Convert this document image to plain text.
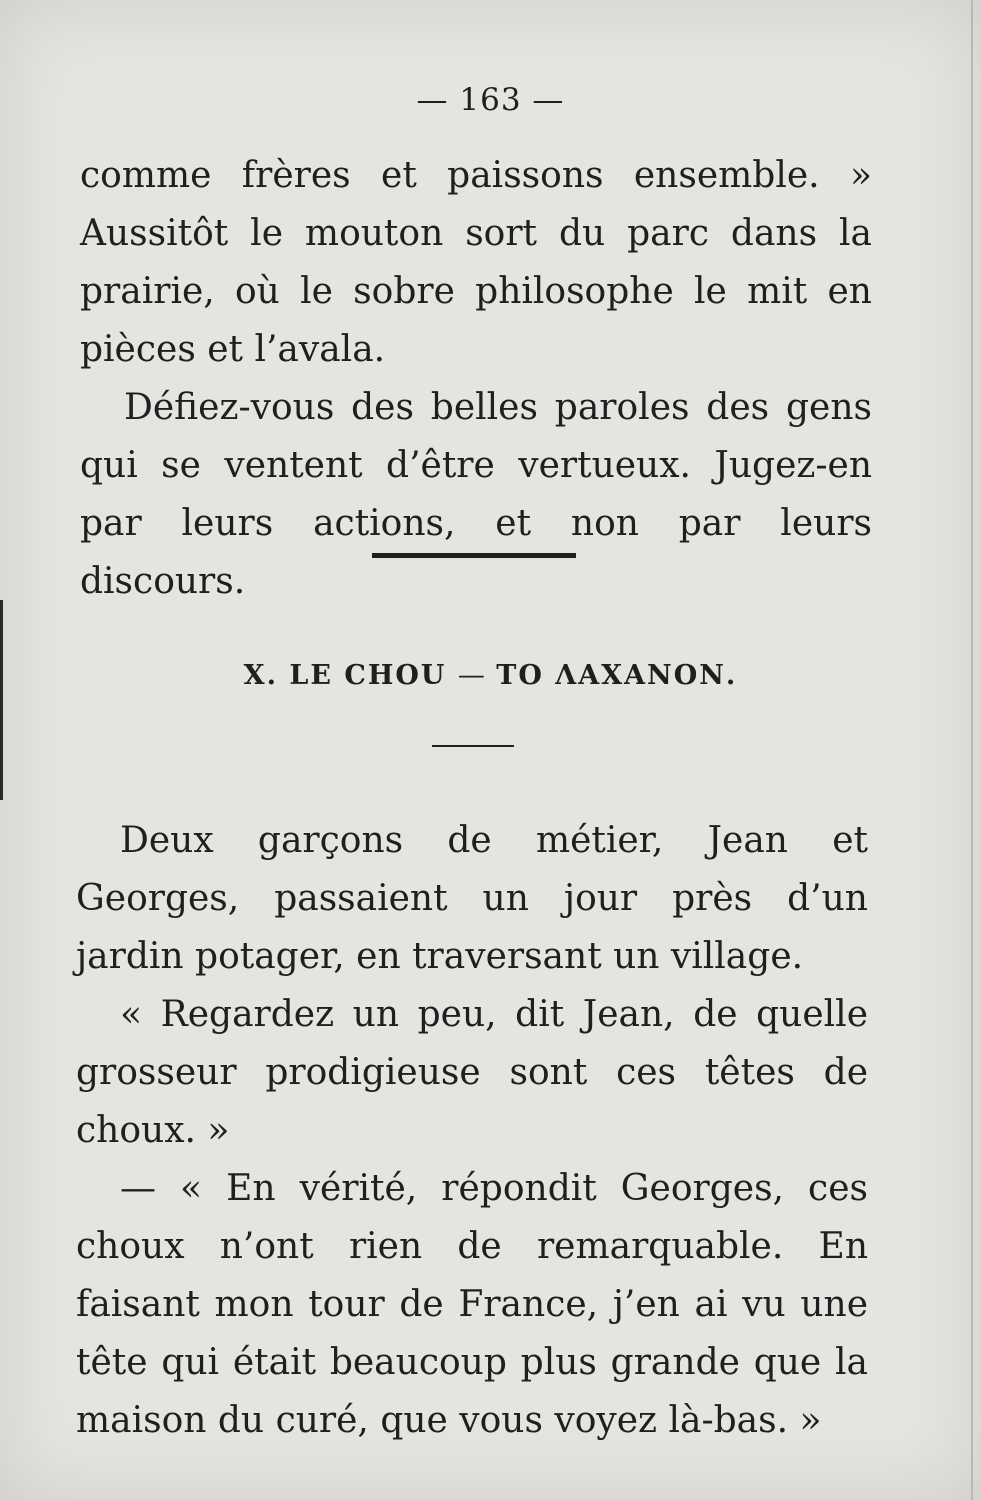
— 163 —

comme frères et paissons ensemble. » Aussitôt le mouton sort du parc dans la prairie, où le sobre philosophe le mit en pièces et l’avala.

Défiez-vous des belles paroles des gens qui se ventent d’être vertueux. Jugez-en par leurs actions, et non par leurs discours.

X. LE CHOU — TO ΛΑΧΑΝΟΝ.

Deux garçons de métier, Jean et Georges, passaient un jour près d’un jardin potager, en traversant un village.

« Regardez un peu, dit Jean, de quelle grosseur prodigieuse sont ces têtes de choux. »

— « En vérité, répondit Georges, ces choux n’ont rien de remarquable. En faisant mon tour de France, j’en ai vu une tête qui était beaucoup plus grande que la maison du curé, que vous voyez là-bas. »
